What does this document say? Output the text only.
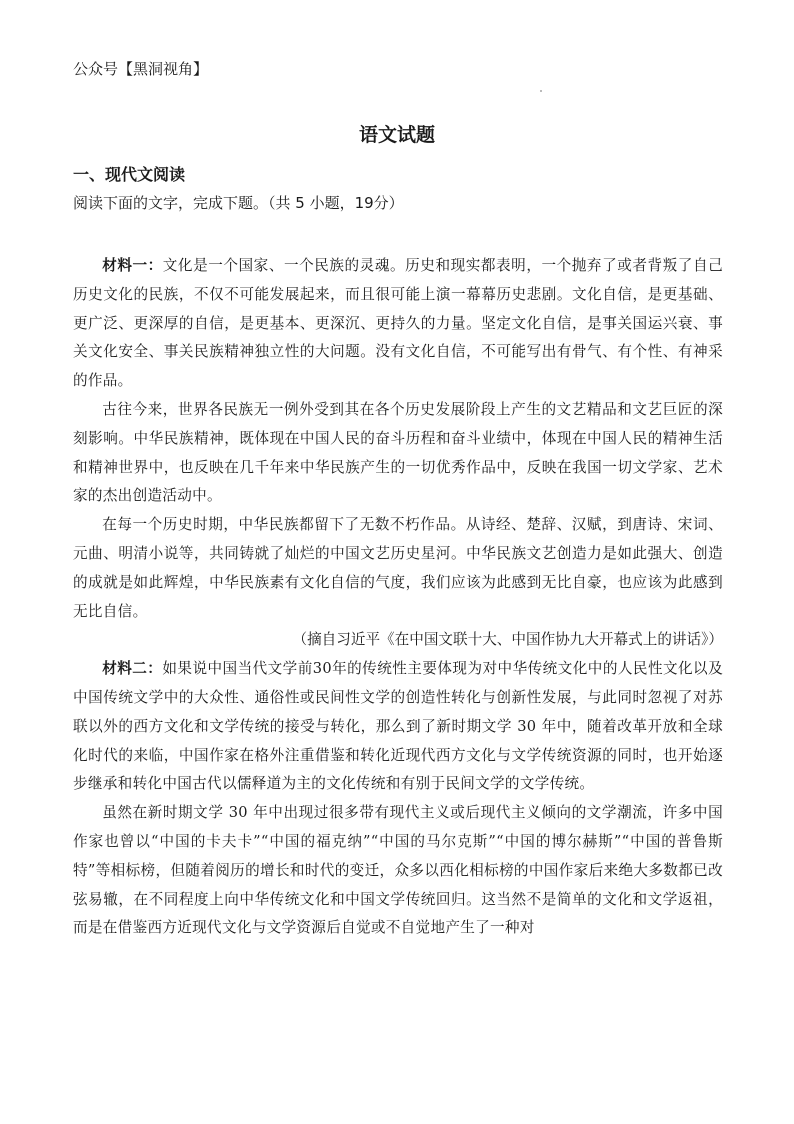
公众号【黑洞视角】
语文试题
一、现代文阅读
阅读下面的文字，完成下题。（共 5 小题，19分）

材料一：文化是一个国家、一个民族的灵魂。历史和现实都表明，一个抛弃了或者背叛了自己历史文化的民族，不仅不可能发展起来，而且很可能上演一幕幕历史悲剧。文化自信，是更基础、更广泛、更深厚的自信，是更基本、更深沉、更持久的力量。坚定文化自信，是事关国运兴衰、事关文化安全、事关民族精神独立性的大问题。没有文化自信，不可能写出有骨气、有个性、有神采的作品。

古往今来，世界各民族无一例外受到其在各个历史发展阶段上产生的文艺精品和文艺巨匠的深刻影响。中华民族精神，既体现在中国人民的奋斗历程和奋斗业绩中，体现在中国人民的精神生活和精神世界中，也反映在几千年来中华民族产生的一切优秀作品中，反映在我国一切文学家、艺术家的杰出创造活动中。

在每一个历史时期，中华民族都留下了无数不朽作品。从诗经、楚辞、汉赋，到唐诗、宋词、元曲、明清小说等，共同铸就了灿烂的中国文艺历史星河。中华民族文艺创造力是如此强大、创造的成就是如此辉煌，中华民族素有文化自信的气度，我们应该为此感到无比自豪，也应该为此感到无比自信。

（摘自习近平《在中国文联十大、中国作协九大开幕式上的讲话》）

材料二：如果说中国当代文学前30年的传统性主要体现为对中华传统文化中的人民性文化以及中国传统文学中的大众性、通俗性或民间性文学的创造性转化与创新性发展，与此同时忽视了对苏联以外的西方文化和文学传统的接受与转化，那么到了新时期文学 30 年中，随着改革开放和全球化时代的来临，中国作家在格外注重借鉴和转化近现代西方文化与文学传统资源的同时，也开始逐步继承和转化中国古代以儒释道为主的文化传统和有别于民间文学的文学传统。

虽然在新时期文学 30 年中出现过很多带有现代主义或后现代主义倾向的文学潮流，许多中国作家也曾以“中国的卡夫卡”“中国的福克纳”“中国的马尔克斯”“中国的博尔赫斯”“中国的普鲁斯特”等相标榜，但随着阅历的增长和时代的变迁，众多以西化相标榜的中国作家后来绝大多数都已改弦易辙，在不同程度上向中华传统文化和中国文学传统回归。这当然不是简单的文化和文学返祖，而是在借鉴西方近现代文化与文学资源后自觉或不自觉地产生了一种对
